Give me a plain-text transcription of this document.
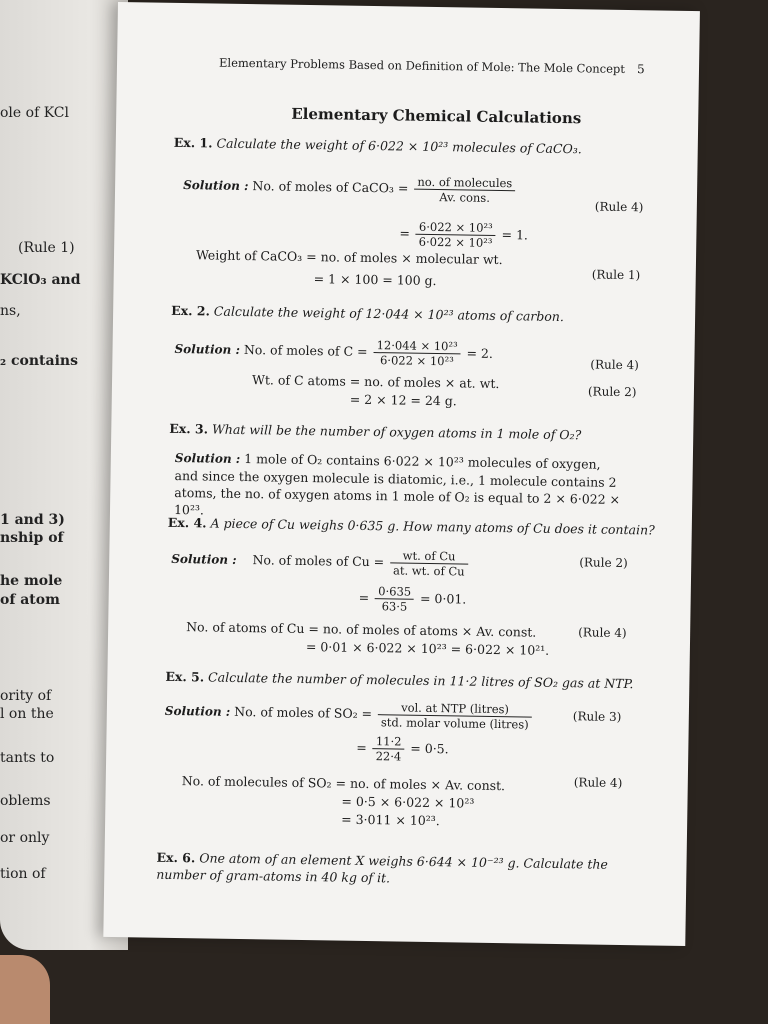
ole of KCl
(Rule 1)
KClO₃ and
ns,
₂ contains
1 and 3)
nship of
he mole
of atom
ority of
l on the
tants to
oblems
or only
tion of
Elementary Problems Based on Definition of Mole: The Mole Concept 5
Elementary Chemical Calculations
Ex. 1. Calculate the weight of 6·022 × 10²³ molecules of CaCO₃.
Solution : No. of moles of CaCO₃ = $\frac{\text{no. of molecules}}{\text{Av. cons.}}$
(Rule 4)
= $\frac{\text{6·022 × 10²³}}{\text{6·022 × 10²³}} = 1$.
Weight of CaCO₃ = no. of moles × molecular wt.
(Rule 1)
= 1 × 100 = 100 g.
Ex. 2. Calculate the weight of 12·044 × 10²³ atoms of carbon.
Solution : No. of moles of $C = \frac{\text{12·044 × 10²³}}{\text{6·022 × 10²³}} = 2$.
(Rule 4)
Wt. of C atoms = no. of moles × at. wt.
(Rule 2)
= 2 × 12 = 24 g.
Ex. 3. What will be the number of oxygen atoms in 1 mole of O₂?
Solution : 1 mole of O₂ contains 6·022 × 10²³ molecules of oxygen, and since the oxygen molecule is diatomic, i.e., 1 molecule contains 2 atoms, the no. of oxygen atoms in 1 mole of O₂ is equal to 2 × 6·022 × 10²³.
Ex. 4. A piece of Cu weighs 0·635 g. How many atoms of Cu does it contain?
Solution : No. of moles of $Cu = \frac{\text{wt. of Cu}}{\text{at. wt. of Cu}}$	(Rule 2)
= $\frac{0\cdot 635}{63\cdot 5} = 0\cdot 01$.
No. of atoms of Cu = no. of moles of atoms × Av. const.	(Rule 4)
= 0·01 × 6·022 × 10²³ = 6·022 × 10²¹.
Ex. 5. Calculate the number of molecules in 11·2 litres of SO₂ gas at NTP.
Solution : No. of moles of $SO_2 = \frac{\text{vol. at NTP (litres)}}{\text{std. molar volume (litres)}}$	(Rule 3)
= $\frac{11\cdot 2}{22\cdot 4} = 0\cdot 5$.
No. of molecules of SO₂ = no. of moles × Av. const.	(Rule 4)
= 0·5 × 6·022 × 10²³
= 3·011 × 10²³.
Ex. 6. One atom of an element X weighs 6·644 × 10⁻²³ g. Calculate the number of gram-atoms in 40 kg of it.
